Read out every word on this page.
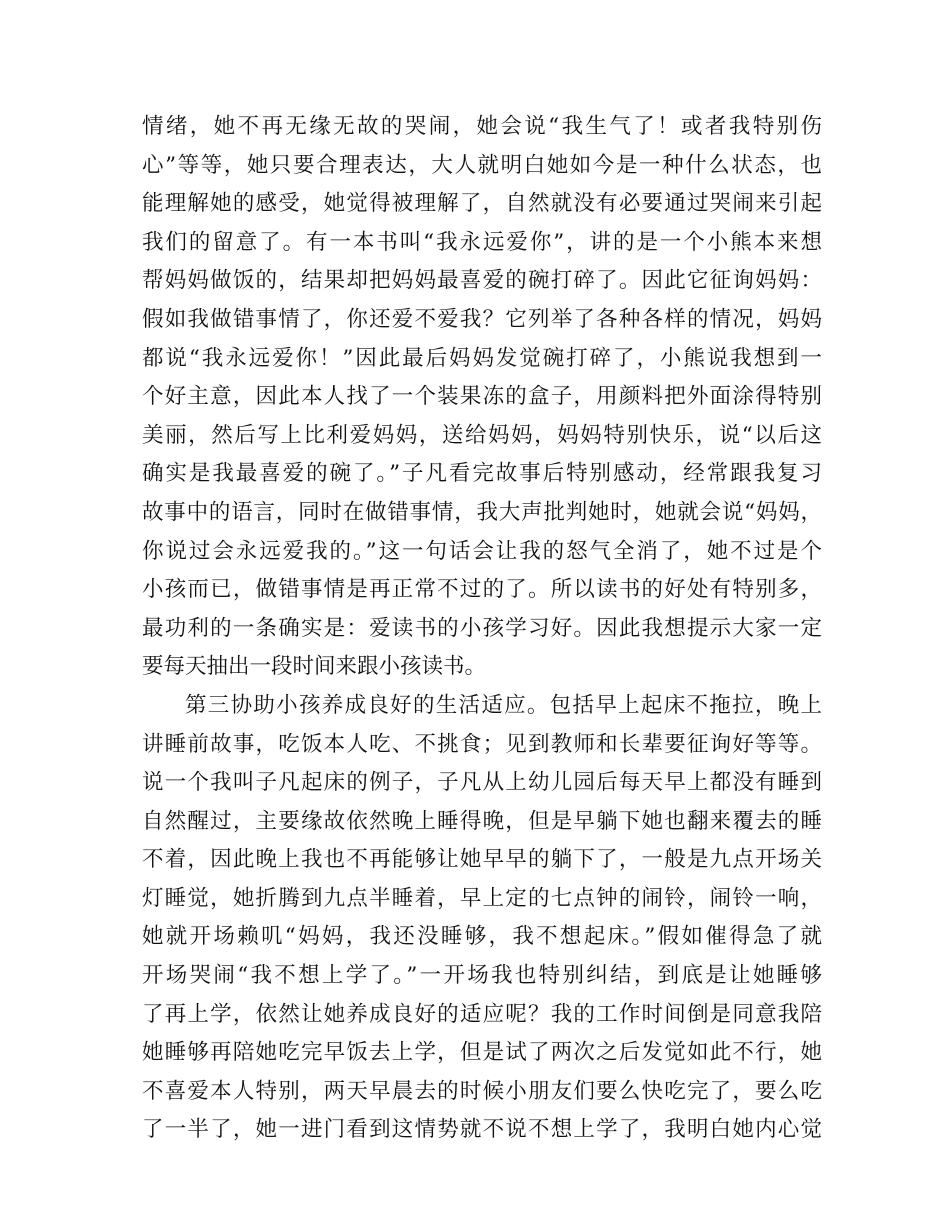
情绪，她不再无缘无故的哭闹，她会说“我生气了！或者我特别伤
心”等等，她只要合理表达，大人就明白她如今是一种什么状态，也
能理解她的感受，她觉得被理解了，自然就没有必要通过哭闹来引起
我们的留意了。有一本书叫“我永远爱你”，讲的是一个小熊本来想
帮妈妈做饭的，结果却把妈妈最喜爱的碗打碎了。因此它征询妈妈：
假如我做错事情了，你还爱不爱我？它列举了各种各样的情况，妈妈
都说“我永远爱你！”因此最后妈妈发觉碗打碎了，小熊说我想到一
个好主意，因此本人找了一个装果冻的盒子，用颜料把外面涂得特别
美丽，然后写上比利爱妈妈，送给妈妈，妈妈特别快乐，说“以后这
确实是我最喜爱的碗了。”子凡看完故事后特别感动，经常跟我复习
故事中的语言，同时在做错事情，我大声批判她时，她就会说“妈妈，
你说过会永远爱我的。”这一句话会让我的怒气全消了，她不过是个
小孩而已，做错事情是再正常不过的了。所以读书的好处有特别多，
最功利的一条确实是：爱读书的小孩学习好。因此我想提示大家一定
要每天抽出一段时间来跟小孩读书。
第三协助小孩养成良好的生活适应。包括早上起床不拖拉，晚上
讲睡前故事，吃饭本人吃、不挑食；见到教师和长辈要征询好等等。
说一个我叫子凡起床的例子，子凡从上幼儿园后每天早上都没有睡到
自然醒过，主要缘故依然晚上睡得晚，但是早躺下她也翻来覆去的睡
不着，因此晚上我也不再能够让她早早的躺下了，一般是九点开场关
灯睡觉，她折腾到九点半睡着，早上定的七点钟的闹铃，闹铃一响，
她就开场赖叽“妈妈，我还没睡够，我不想起床。”假如催得急了就
开场哭闹“我不想上学了。”一开场我也特别纠结，到底是让她睡够
了再上学，依然让她养成良好的适应呢？我的工作时间倒是同意我陪
她睡够再陪她吃完早饭去上学，但是试了两次之后发觉如此不行，她
不喜爱本人特别，两天早晨去的时候小朋友们要么快吃完了，要么吃
了一半了，她一进门看到这情势就不说不想上学了，我明白她内心觉
